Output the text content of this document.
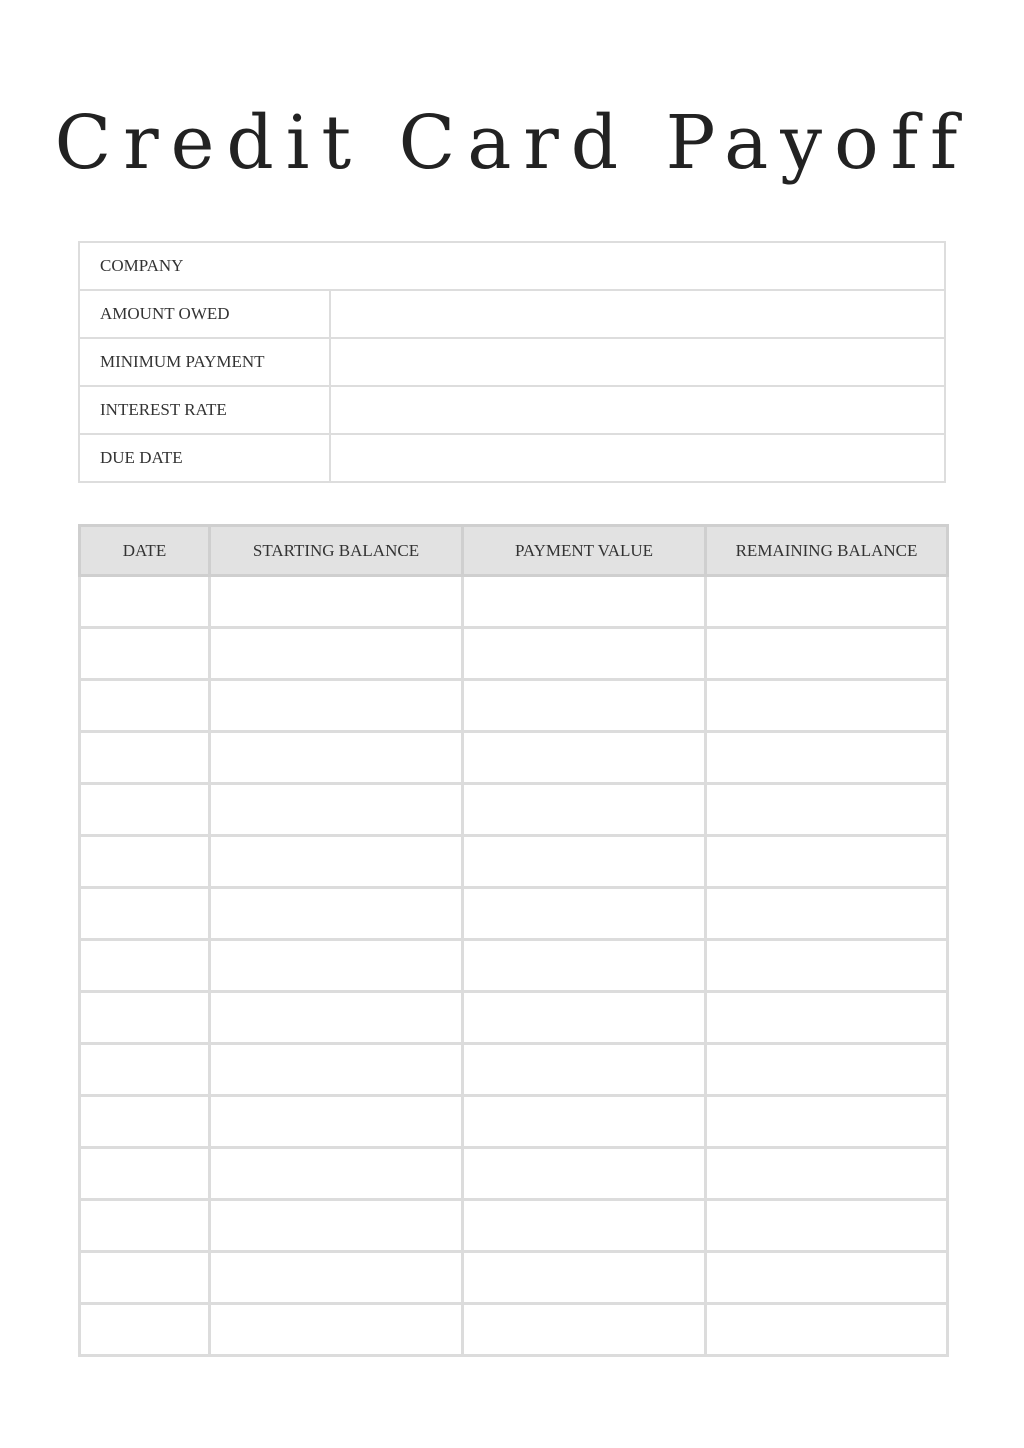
Credit Card Payoff
COMPANY	
AMOUNT OWED	
MINIMUM PAYMENT	
INTEREST RATE	
DUE DATE	
DATE	STARTING BALANCE	PAYMENT VALUE	REMAINING BALANCE
